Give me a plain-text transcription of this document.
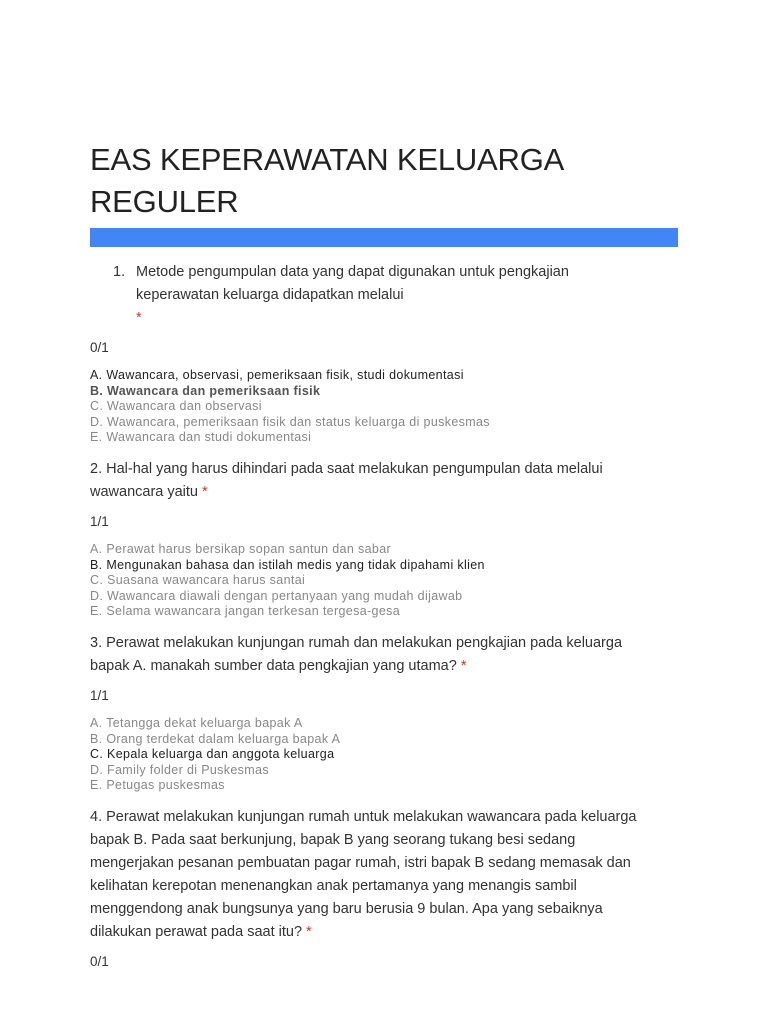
EAS KEPERAWATAN KELUARGA
REGULER
1. Metode pengumpulan data yang dapat digunakan untuk pengkajian
keperawatan keluarga didapatkan melalui
*
0/1
A. Wawancara, observasi, pemeriksaan fisik, studi dokumentasi
B. Wawancara dan pemeriksaan fisik
C. Wawancara dan observasi
D. Wawancara, pemeriksaan fisik dan status keluarga di puskesmas
E. Wawancara dan studi dokumentasi
2. Hal-hal yang harus dihindari pada saat melakukan pengumpulan data melalui
wawancara yaitu *
1/1
A. Perawat harus bersikap sopan santun dan sabar
B. Mengunakan bahasa dan istilah medis yang tidak dipahami klien
C. Suasana wawancara harus santai
D. Wawancara diawali dengan pertanyaan yang mudah dijawab
E. Selama wawancara jangan terkesan tergesa-gesa
3. Perawat melakukan kunjungan rumah dan melakukan pengkajian pada keluarga
bapak A. manakah sumber data pengkajian yang utama? *
1/1
A. Tetangga dekat keluarga bapak A
B. Orang terdekat dalam keluarga bapak A
C. Kepala keluarga dan anggota keluarga
D. Family folder di Puskesmas
E. Petugas puskesmas
4. Perawat melakukan kunjungan rumah untuk melakukan wawancara pada keluarga
bapak B. Pada saat berkunjung, bapak B yang seorang tukang besi sedang
mengerjakan pesanan pembuatan pagar rumah, istri bapak B sedang memasak dan
kelihatan kerepotan menenangkan anak pertamanya yang menangis sambil
menggendong anak bungsunya yang baru berusia 9 bulan. Apa yang sebaiknya
dilakukan perawat pada saat itu? *
0/1
